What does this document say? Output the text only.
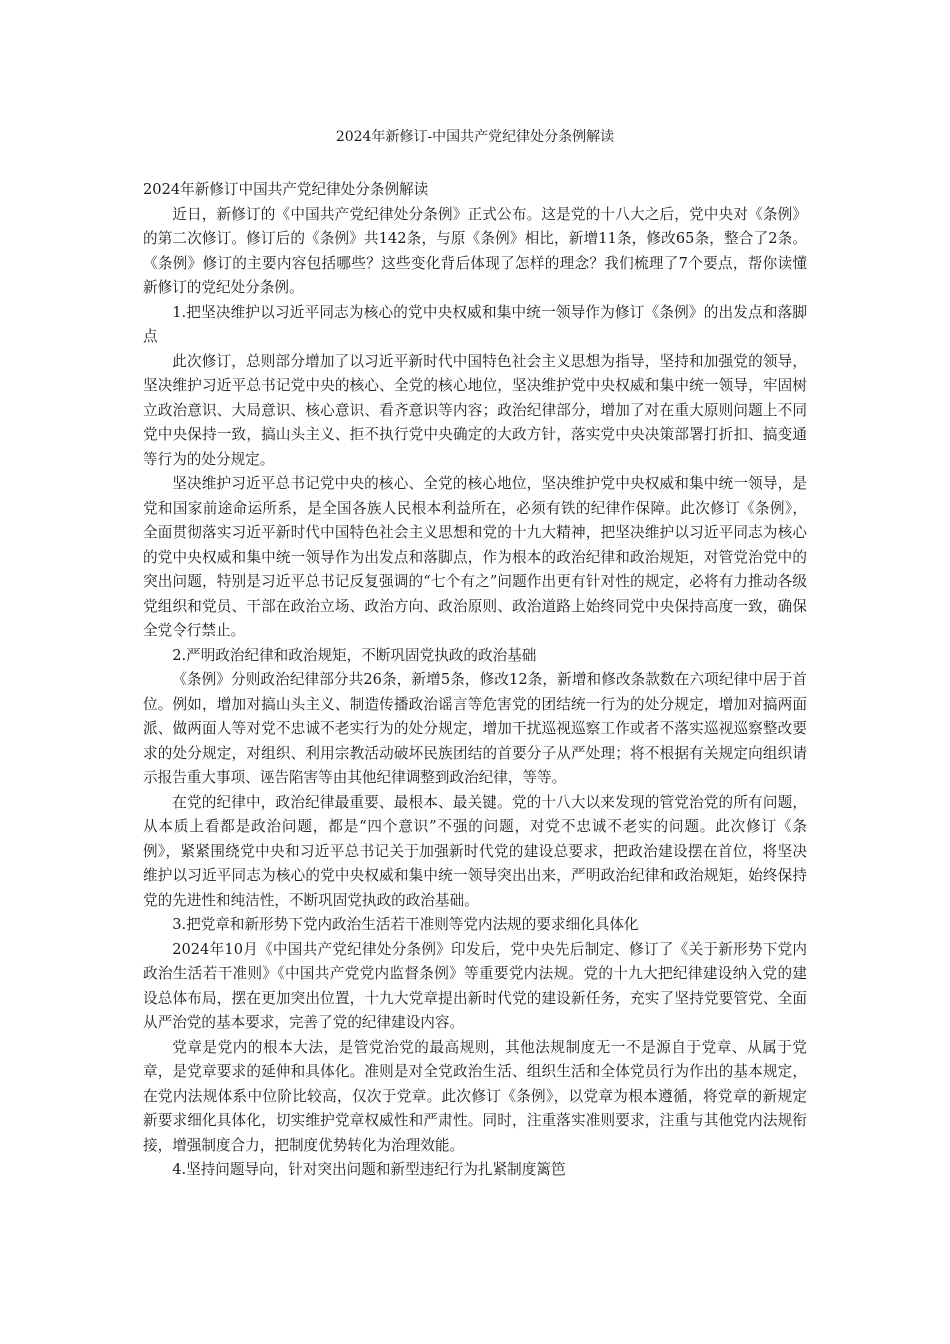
2024年新修订-中国共产党纪律处分条例解读

2024年新修订中国共产党纪律处分条例解读

近日，新修订的《中国共产党纪律处分条例》正式公布。这是党的十八大之后，党中央对《条例》的第二次修订。修订后的《条例》共142条，与原《条例》相比，新增11条，修改65条，整合了2条。《条例》修订的主要内容包括哪些？这些变化背后体现了怎样的理念？我们梳理了7个要点，帮你读懂新修订的党纪处分条例。

1.把坚决维护以习近平同志为核心的党中央权威和集中统一领导作为修订《条例》的出发点和落脚点

此次修订，总则部分增加了以习近平新时代中国特色社会主义思想为指导，坚持和加强党的领导，坚决维护习近平总书记党中央的核心、全党的核心地位，坚决维护党中央权威和集中统一领导，牢固树立政治意识、大局意识、核心意识、看齐意识等内容；政治纪律部分，增加了对在重大原则问题上不同党中央保持一致，搞山头主义、拒不执行党中央确定的大政方针，落实党中央决策部署打折扣、搞变通等行为的处分规定。

坚决维护习近平总书记党中央的核心、全党的核心地位，坚决维护党中央权威和集中统一领导，是党和国家前途命运所系，是全国各族人民根本利益所在，必须有铁的纪律作保障。此次修订《条例》，全面贯彻落实习近平新时代中国特色社会主义思想和党的十九大精神，把坚决维护以习近平同志为核心的党中央权威和集中统一领导作为出发点和落脚点，作为根本的政治纪律和政治规矩，对管党治党中的突出问题，特别是习近平总书记反复强调的“七个有之”问题作出更有针对性的规定，必将有力推动各级党组织和党员、干部在政治立场、政治方向、政治原则、政治道路上始终同党中央保持高度一致，确保全党令行禁止。

2.严明政治纪律和政治规矩，不断巩固党执政的政治基础

《条例》分则政治纪律部分共26条，新增5条，修改12条，新增和修改条款数在六项纪律中居于首位。例如，增加对搞山头主义、制造传播政治谣言等危害党的团结统一行为的处分规定，增加对搞两面派、做两面人等对党不忠诚不老实行为的处分规定，增加干扰巡视巡察工作或者不落实巡视巡察整改要求的处分规定，对组织、利用宗教活动破坏民族团结的首要分子从严处理；将不根据有关规定向组织请示报告重大事项、诬告陷害等由其他纪律调整到政治纪律，等等。

在党的纪律中，政治纪律最重要、最根本、最关键。党的十八大以来发现的管党治党的所有问题，从本质上看都是政治问题，都是“四个意识”不强的问题，对党不忠诚不老实的问题。此次修订《条例》，紧紧围绕党中央和习近平总书记关于加强新时代党的建设总要求，把政治建设摆在首位，将坚决维护以习近平同志为核心的党中央权威和集中统一领导突出出来，严明政治纪律和政治规矩，始终保持党的先进性和纯洁性，不断巩固党执政的政治基础。

3.把党章和新形势下党内政治生活若干准则等党内法规的要求细化具体化

2024年10月《中国共产党纪律处分条例》印发后，党中央先后制定、修订了《关于新形势下党内政治生活若干准则》《中国共产党党内监督条例》等重要党内法规。党的十九大把纪律建设纳入党的建设总体布局，摆在更加突出位置，十九大党章提出新时代党的建设新任务，充实了坚持党要管党、全面从严治党的基本要求，完善了党的纪律建设内容。

党章是党内的根本大法，是管党治党的最高规则，其他法规制度无一不是源自于党章、从属于党章，是党章要求的延伸和具体化。准则是对全党政治生活、组织生活和全体党员行为作出的基本规定，在党内法规体系中位阶比较高，仅次于党章。此次修订《条例》，以党章为根本遵循，将党章的新规定新要求细化具体化，切实维护党章权威性和严肃性。同时，注重落实准则要求，注重与其他党内法规衔接，增强制度合力，把制度优势转化为治理效能。

4.坚持问题导向，针对突出问题和新型违纪行为扎紧制度篱笆
